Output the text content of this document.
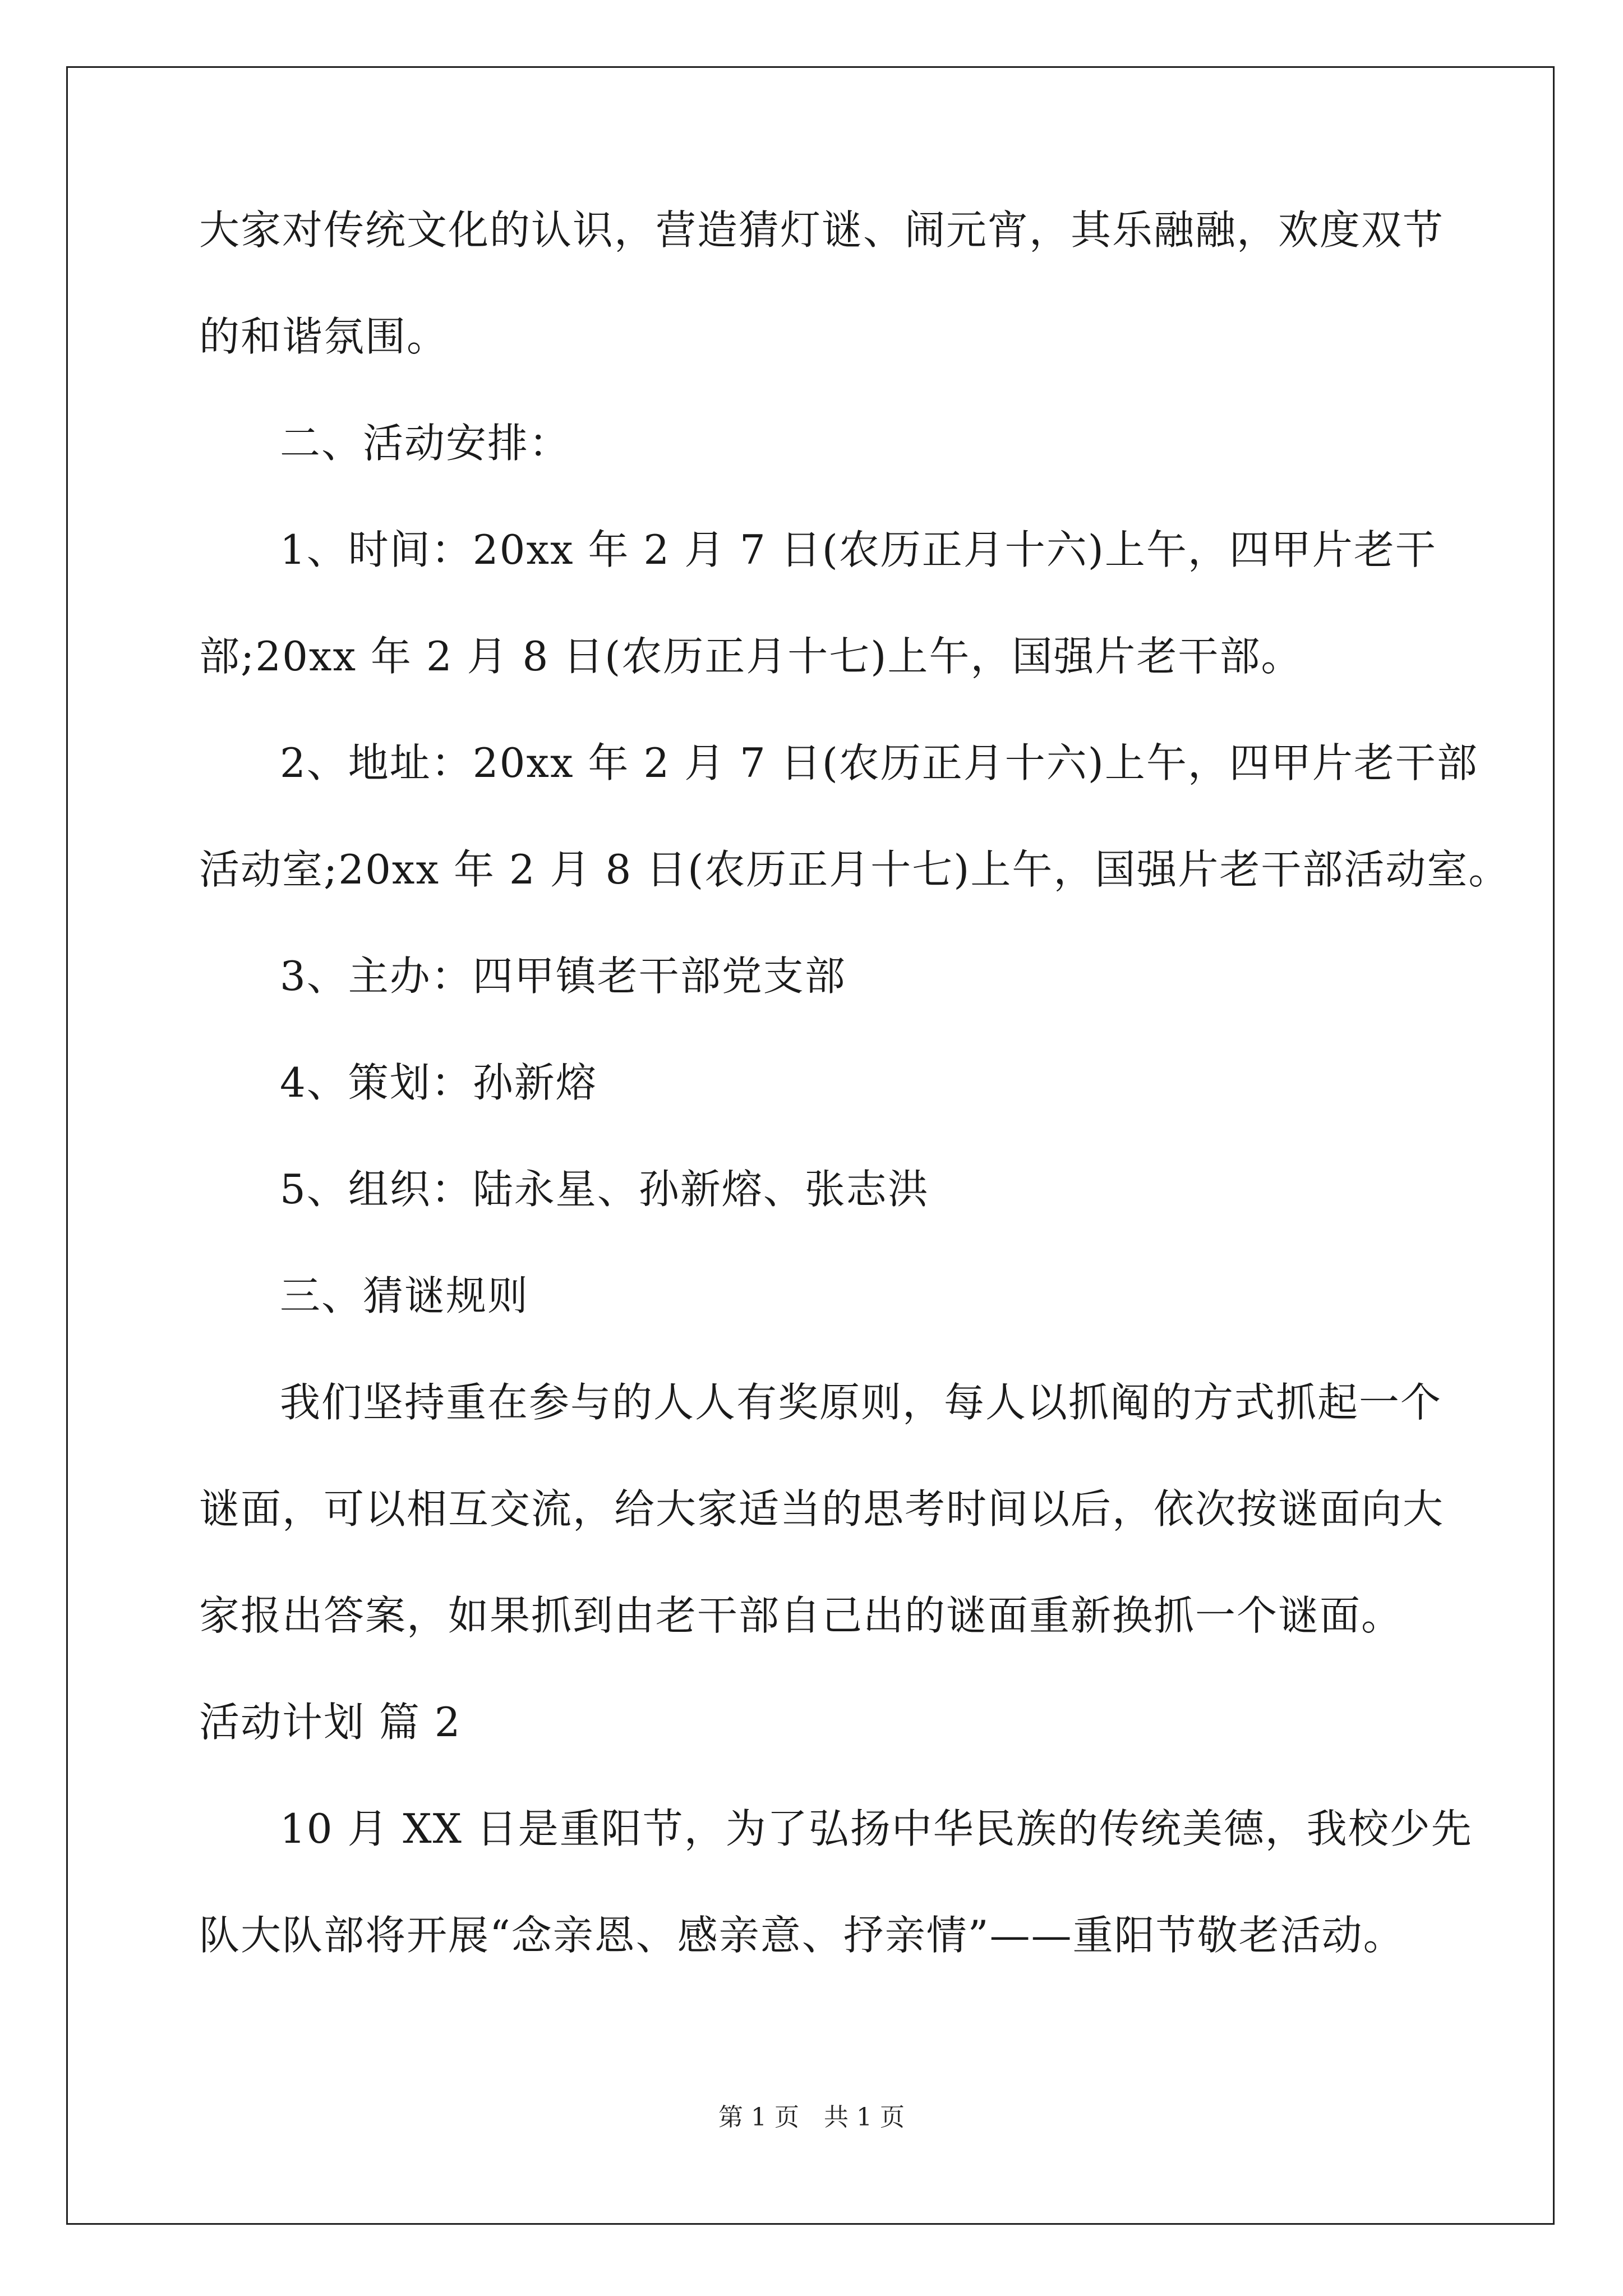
大家对传统文化的认识，营造猜灯谜、闹元宵，其乐融融，欢度双节
的和谐氛围。
二、活动安排：
1、时间：20xx 年 2 月 7 日(农历正月十六)上午，四甲片老干
部;20xx 年 2 月 8 日(农历正月十七)上午，国强片老干部。
2、地址：20xx 年 2 月 7 日(农历正月十六)上午，四甲片老干部
活动室;20xx 年 2 月 8 日(农历正月十七)上午，国强片老干部活动室。
3、主办：四甲镇老干部党支部
4、策划：孙新熔
5、组织：陆永星、孙新熔、张志洪
三、猜谜规则
我们坚持重在参与的人人有奖原则，每人以抓阄的方式抓起一个
谜面，可以相互交流，给大家适当的思考时间以后，依次按谜面向大
家报出答案，如果抓到由老干部自己出的谜面重新换抓一个谜面。
活动计划 篇 2
10 月 XX 日是重阳节，为了弘扬中华民族的传统美德，我校少先
队大队部将开展“念亲恩、感亲意、抒亲情”——重阳节敬老活动。
第 1 页　共 1 页
